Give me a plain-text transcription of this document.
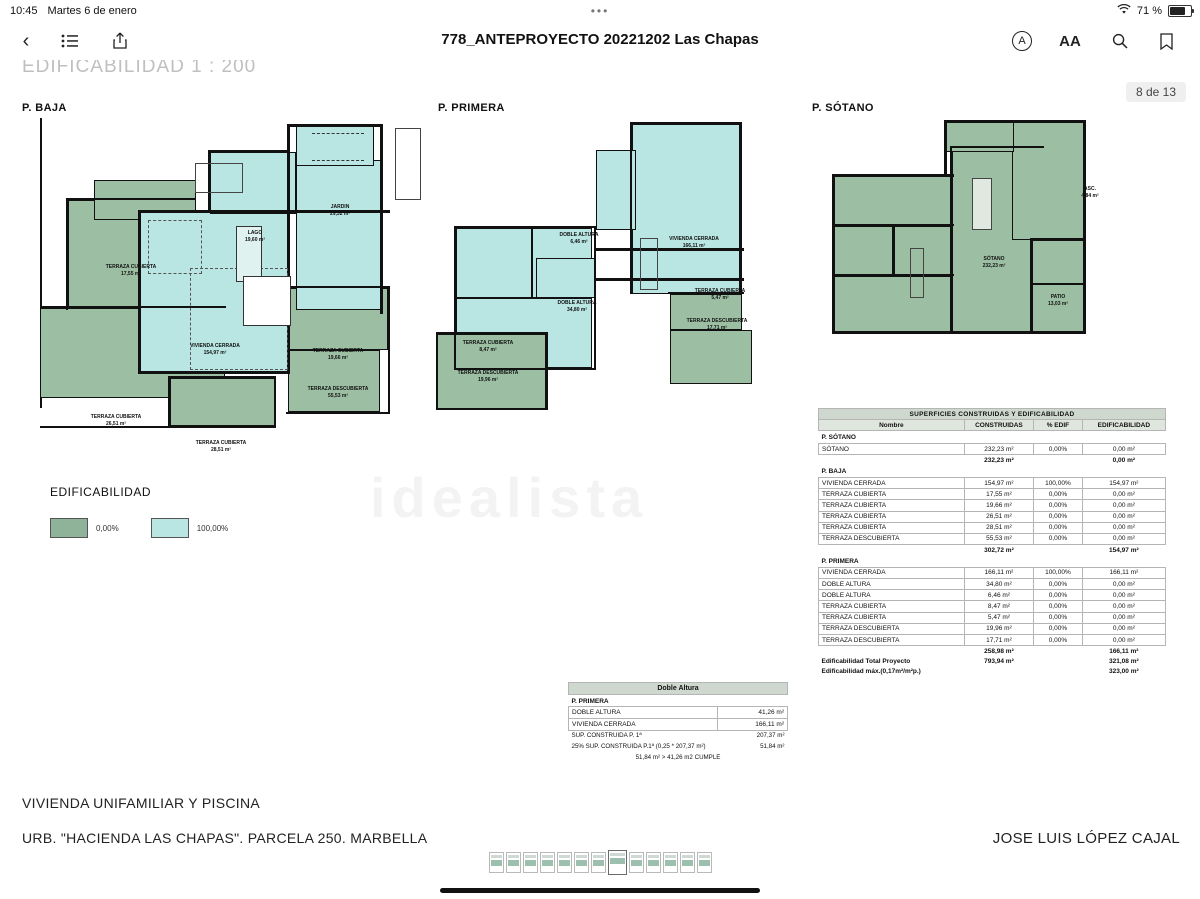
10:45 Martes 6 de enero	•••	71 %
‹	778_ANTEPROYECTO 20221202 Las Chapas	A	AA
EDIFICABILIDAD 1 : 200
8 de 13
idealista
P. BAJA	P. PRIMERA	P. SÓTANO
LAGO
19,60 m²
JARDIN
29,32 m²
TERRAZA CUBIERTA
17,55 m²
VIVIENDA CERRADA
154,97 m²	TERRAZA CUBIERTA
19,66 m²
TERRAZA DESCUBIERTA
55,53 m²
TERRAZA CUBIERTA
26,51 m²
TERRAZA CUBIERTA
28,51 m²
DOBLE ALTURA
6,46 m²	VIVIENDA CERRADA
166,11 m²
DOBLE ALTURA
34,80 m²
TERRAZA CUBIERTA
5,47 m²
TERRAZA DESCUBIERTA
17,71 m²
TERRAZA CUBIERTA
8,47 m²
TERRAZA DESCUBIERTA
19,96 m²
SÓTANO
232,23 m²
PATIO
13,03 m²
ASC.
4,84 m²
EDIFICABILIDAD
0,00%	100,00%
SUPERFICIES CONSTRUIDAS Y EDIFICABILIDAD			
Nombre	CONSTRUIDAS	% EDIF	EDIFICABILIDAD
P. SÓTANO			
SÓTANO	232,23 m²	0,00%	0,00 m²
	232,23 m²		0,00 m²
P. BAJA			
VIVIENDA CERRADA	154,97 m²	100,00%	154,97 m²
TERRAZA CUBIERTA	17,55 m²	0,00%	0,00 m²
TERRAZA CUBIERTA	19,66 m²	0,00%	0,00 m²
TERRAZA CUBIERTA	26,51 m²	0,00%	0,00 m²
TERRAZA CUBIERTA	28,51 m²	0,00%	0,00 m²
TERRAZA DESCUBIERTA	55,53 m²	0,00%	0,00 m²
	302,72 m²		154,97 m²
P. PRIMERA			
VIVIENDA CERRADA	166,11 m²	100,00%	166,11 m²
DOBLE ALTURA	34,80 m²	0,00%	0,00 m²
DOBLE ALTURA	6,46 m²	0,00%	0,00 m²
TERRAZA CUBIERTA	8,47 m²	0,00%	0,00 m²
TERRAZA CUBIERTA	5,47 m²	0,00%	0,00 m²
TERRAZA DESCUBIERTA	19,96 m²	0,00%	0,00 m²
TERRAZA DESCUBIERTA	17,71 m²	0,00%	0,00 m²
	258,98 m²		166,11 m²
Edificabilidad Total Proyecto	793,94 m²		321,08 m²
Edificabilidad máx.(0,17m²/m²p.)			323,00 m²
Doble Altura	
P. PRIMERA	
DOBLE ALTURA	41,26 m²
VIVIENDA CERRADA	166,11 m²
SUP. CONSTRUIDA P. 1ª	207,37 m²
25% SUP. CONSTRUIDA P.1ª (0,25 * 207,37 m²)	51,84 m²
51,84 m² > 41,26 m2 CUMPLE	
VIVIENDA UNIFAMILIAR Y PISCINA
URB. "HACIENDA LAS CHAPAS". PARCELA 250. MARBELLA	JOSE LUIS LÓPEZ CAJAL
